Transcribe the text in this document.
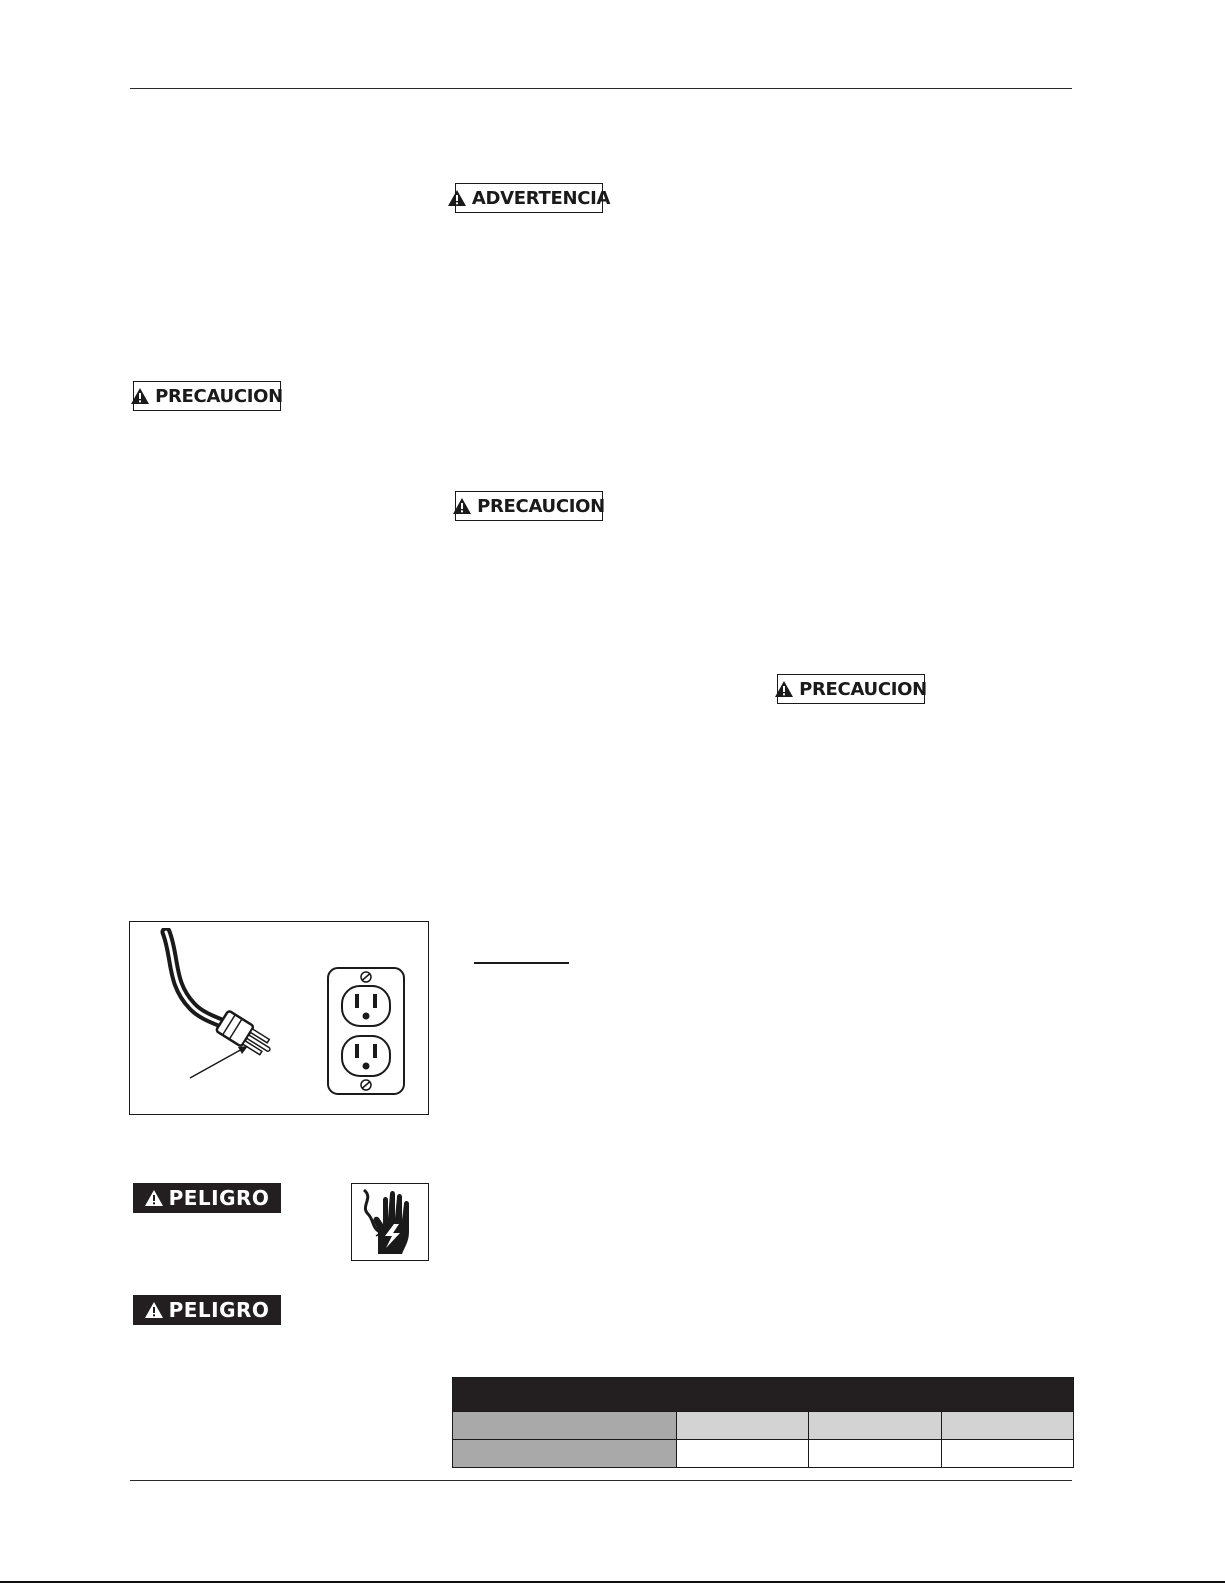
ADVERTENCIA
PRECAUCION
PRECAUCION
PRECAUCION
PELIGRO
PELIGRO
